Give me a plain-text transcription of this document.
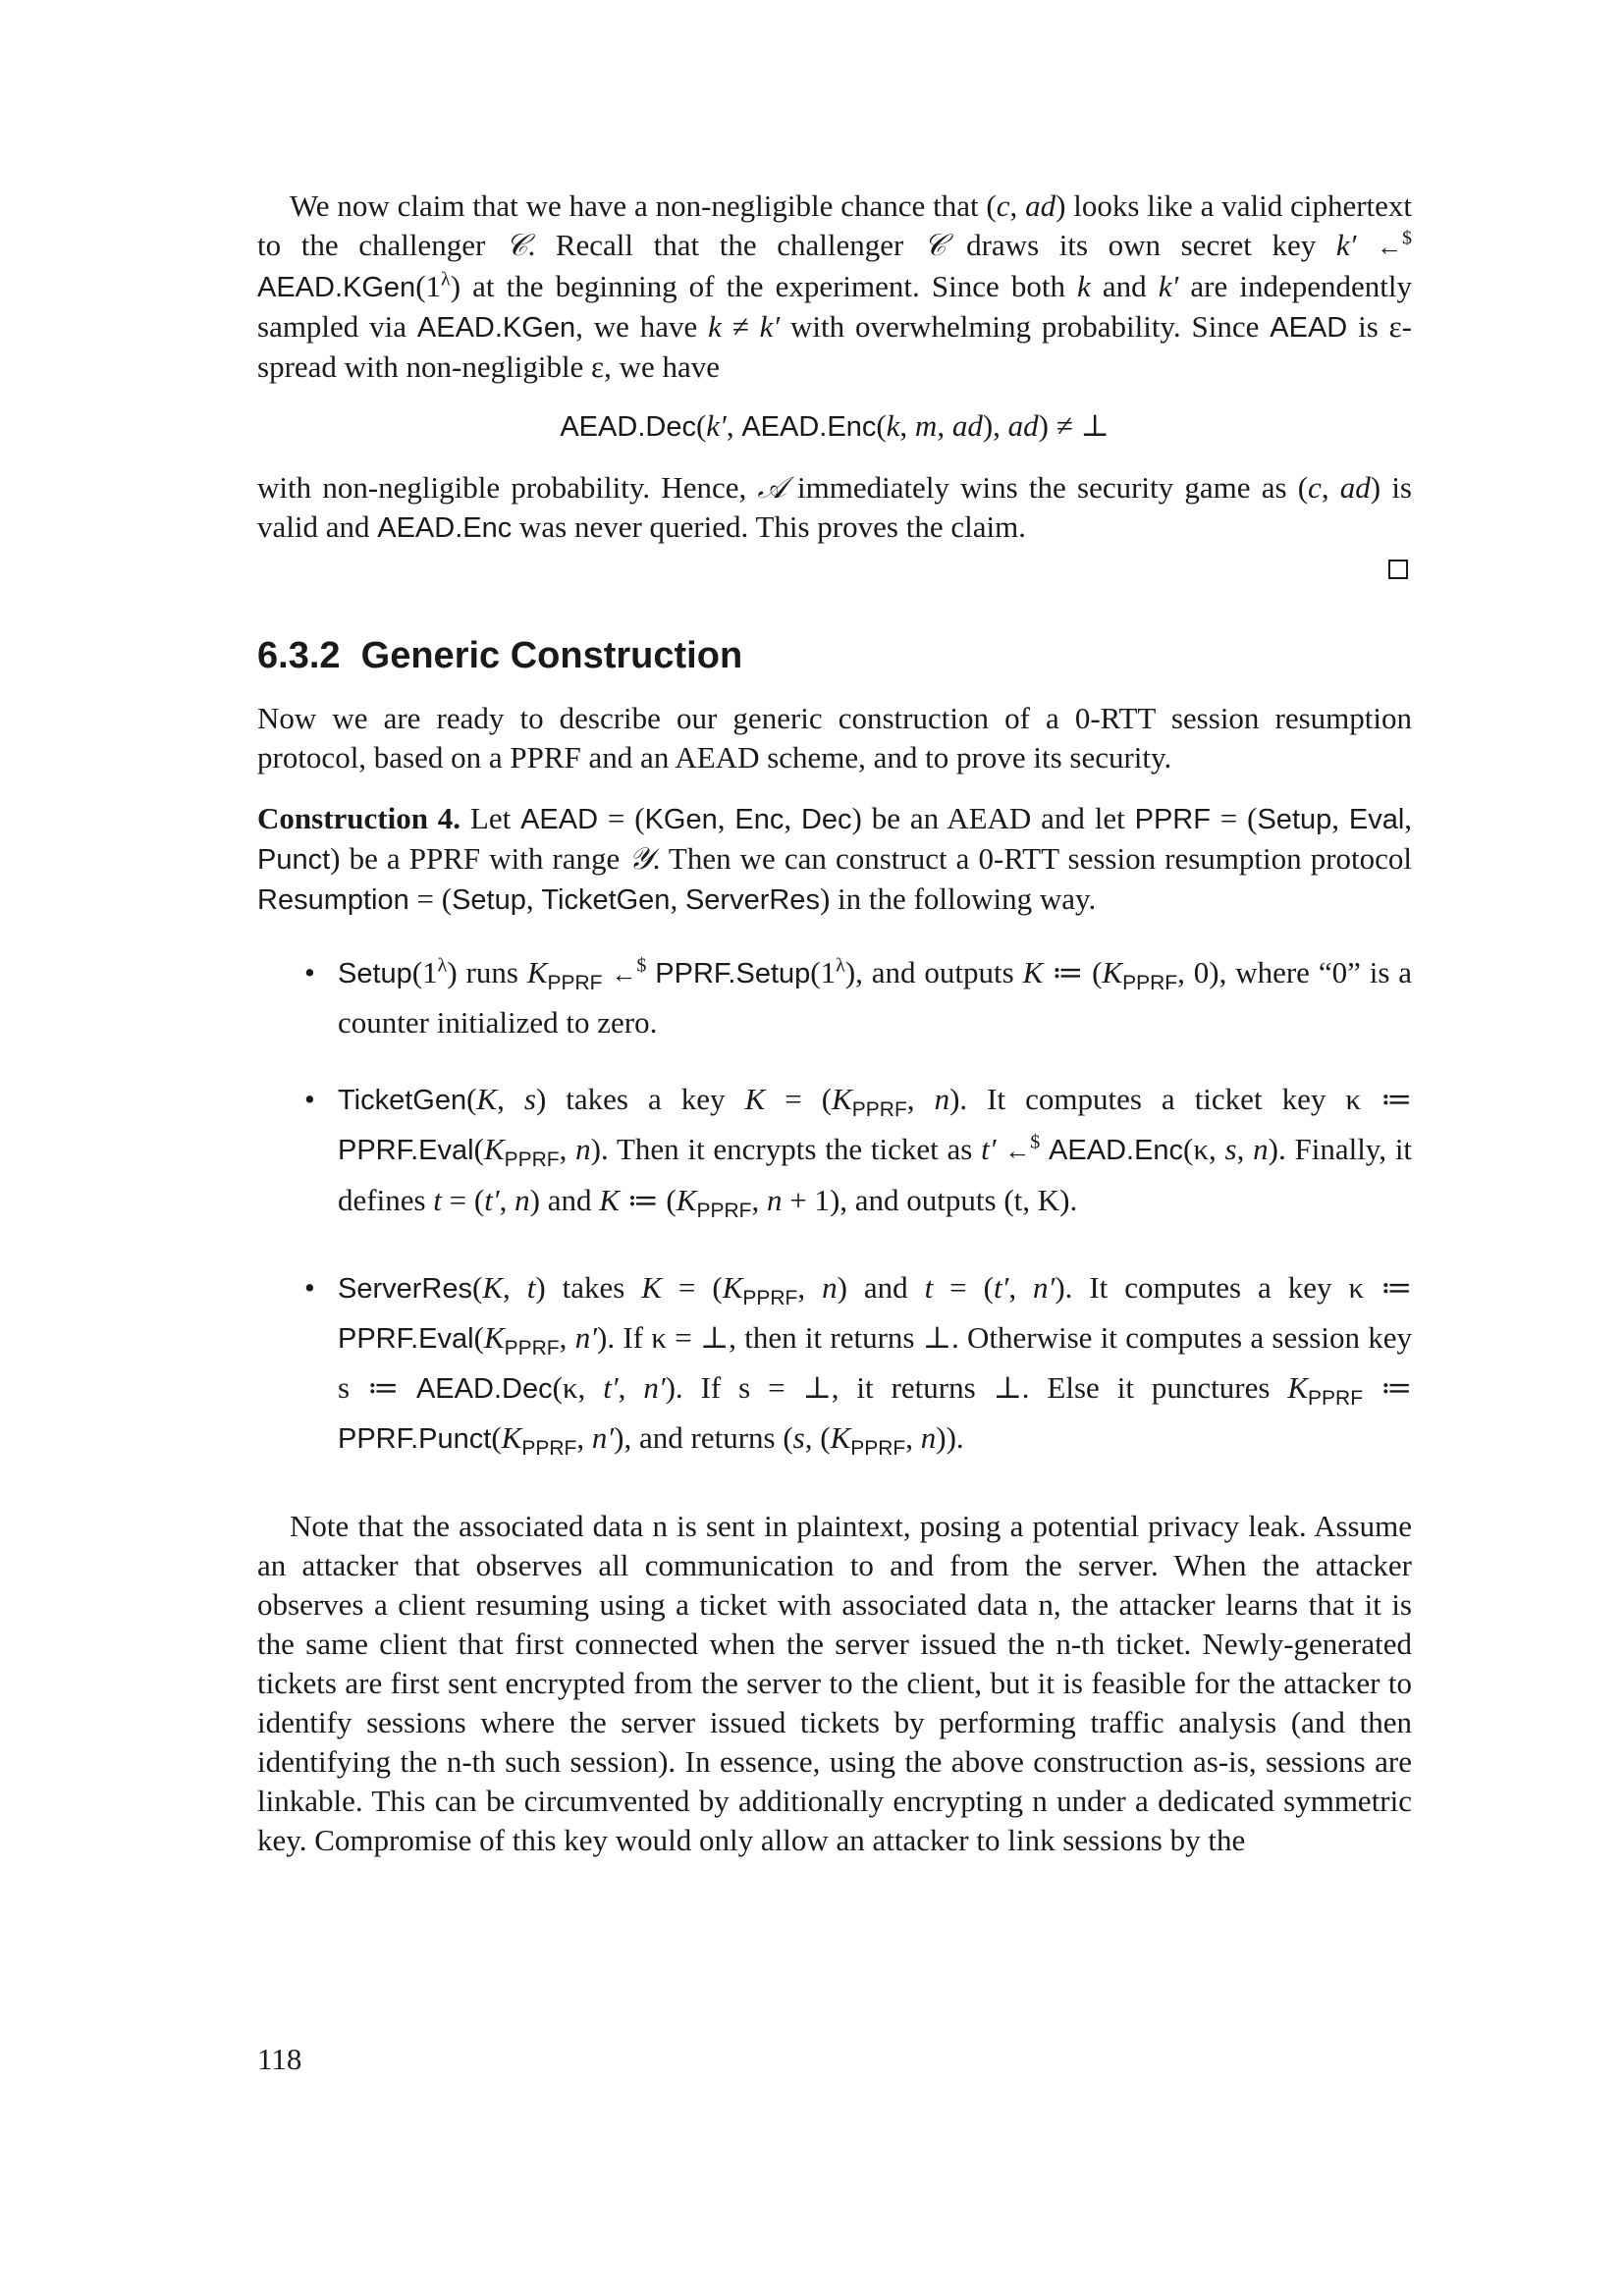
We now claim that we have a non-negligible chance that (c, ad) looks like a valid ciphertext to the challenger 𝒞. Recall that the challenger 𝒞 draws its own secret key k′ ←$ $AEAD.KGen(1^\lambda)$ at the beginning of the experiment. Since both k and k′ are independently sampled via AEAD.KGen, we have k ≠ k′ with overwhelming probability. Since AEAD is ε-spread with non-negligible ε, we have

AEAD.Dec(k′, AEAD.Enc(k, m, ad), ad) ≠ ⊥

with non-negligible probability. Hence, 𝒜 immediately wins the security game as (c, ad) is valid and AEAD.Enc was never queried. This proves the claim.

6.3.2 Generic Construction

Now we are ready to describe our generic construction of a 0-RTT session resumption protocol, based on a PPRF and an AEAD scheme, and to prove its security.

Construction 4. Let AEAD = (KGen, Enc, Dec) be an AEAD and let PPRF = (Setup, Eval, Punct) be a PPRF with range 𝒴. Then we can construct a 0-RTT session resumption protocol Resumption = (Setup, TicketGen, ServerRes) in the following way.

• $Setup(1^\lambda)$ runs $K_{PPRF}$ ←$ $PPRF.Setup(1^\lambda)$, and outputs K ≔ ($K_{PPRF}$, 0), where “0” is a counter initialized to zero.
• TicketGen(K, s) takes a key $K = (K_{PPRF}$, n). It computes a ticket key κ ≔ $PPRF.Eval(K_{PPRF}$, n). Then it encrypts the ticket as t′ ←$ AEAD.Enc(κ, s, n). Finally, it defines t = (t′, n) and K ≔ ($K_{PPRF}$, n + 1), and outputs (t, K).
• ServerRes(K, t) takes $K = (K_{PPRF}$, n) and t = (t′, n′). It computes a key κ ≔ $PPRF.Eval(K_{PPRF}$, n′). If κ = ⊥, then it returns ⊥. Otherwise it computes a session key s ≔ AEAD.Dec(κ, t′, n′). If s = ⊥, it returns ⊥. Else it punctures $K_{PPRF}$ ≔ $PPRF.Punct(K_{PPRF}$, n′), and returns (s, ($K_{PPRF}$, n)).

Note that the associated data n is sent in plaintext, posing a potential privacy leak. Assume an attacker that observes all communication to and from the server. When the attacker observes a client resuming using a ticket with associated data n, the attacker learns that it is the same client that first connected when the server issued the n-th ticket. Newly-generated tickets are first sent encrypted from the server to the client, but it is feasible for the attacker to identify sessions where the server issued tickets by performing traffic analysis (and then identifying the n-th such session). In essence, using the above construction as-is, sessions are linkable. This can be circumvented by additionally encrypting n under a dedicated symmetric key. Compromise of this key would only allow an attacker to link sessions by the

118
